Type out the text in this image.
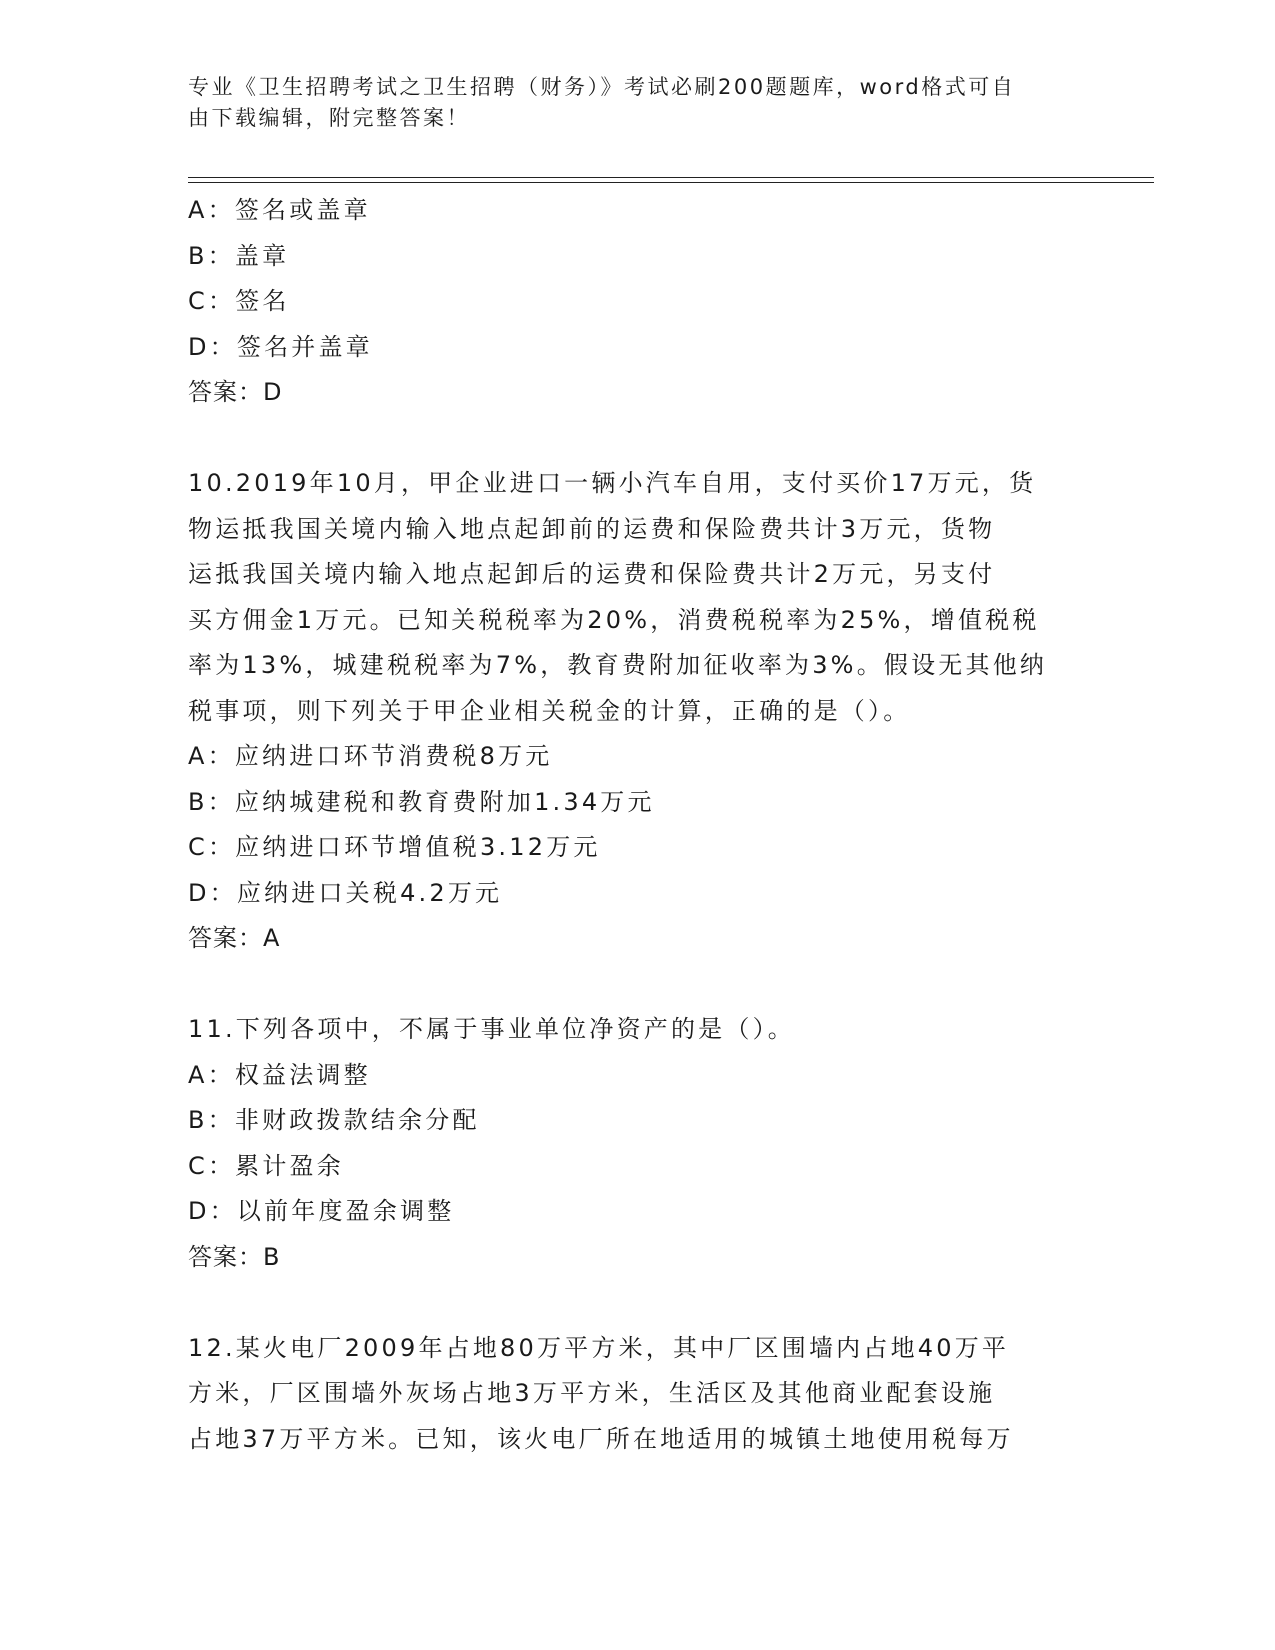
专业《卫生招聘考试之卫生招聘（财务）》考试必刷200题题库，word格式可自
由下载编辑，附完整答案！
A：签名或盖章
B：盖章
C：签名
D：签名并盖章
答案：D
10.2019年10月，甲企业进口一辆小汽车自用，支付买价17万元，货
物运抵我国关境内输入地点起卸前的运费和保险费共计3万元，货物
运抵我国关境内输入地点起卸后的运费和保险费共计2万元，另支付
买方佣金1万元。已知关税税率为20%，消费税税率为25%，增值税税
率为13%，城建税税率为7%，教育费附加征收率为3%。假设无其他纳
税事项，则下列关于甲企业相关税金的计算，正确的是（）。
A：应纳进口环节消费税8万元
B：应纳城建税和教育费附加1.34万元
C：应纳进口环节增值税3.12万元
D：应纳进口关税4.2万元
答案：A
11.下列各项中，不属于事业单位净资产的是（）。
A：权益法调整
B：非财政拨款结余分配
C：累计盈余
D：以前年度盈余调整
答案：B
12.某火电厂2009年占地80万平方米，其中厂区围墙内占地40万平
方米，厂区围墙外灰场占地3万平方米，生活区及其他商业配套设施
占地37万平方米。已知，该火电厂所在地适用的城镇土地使用税每万
